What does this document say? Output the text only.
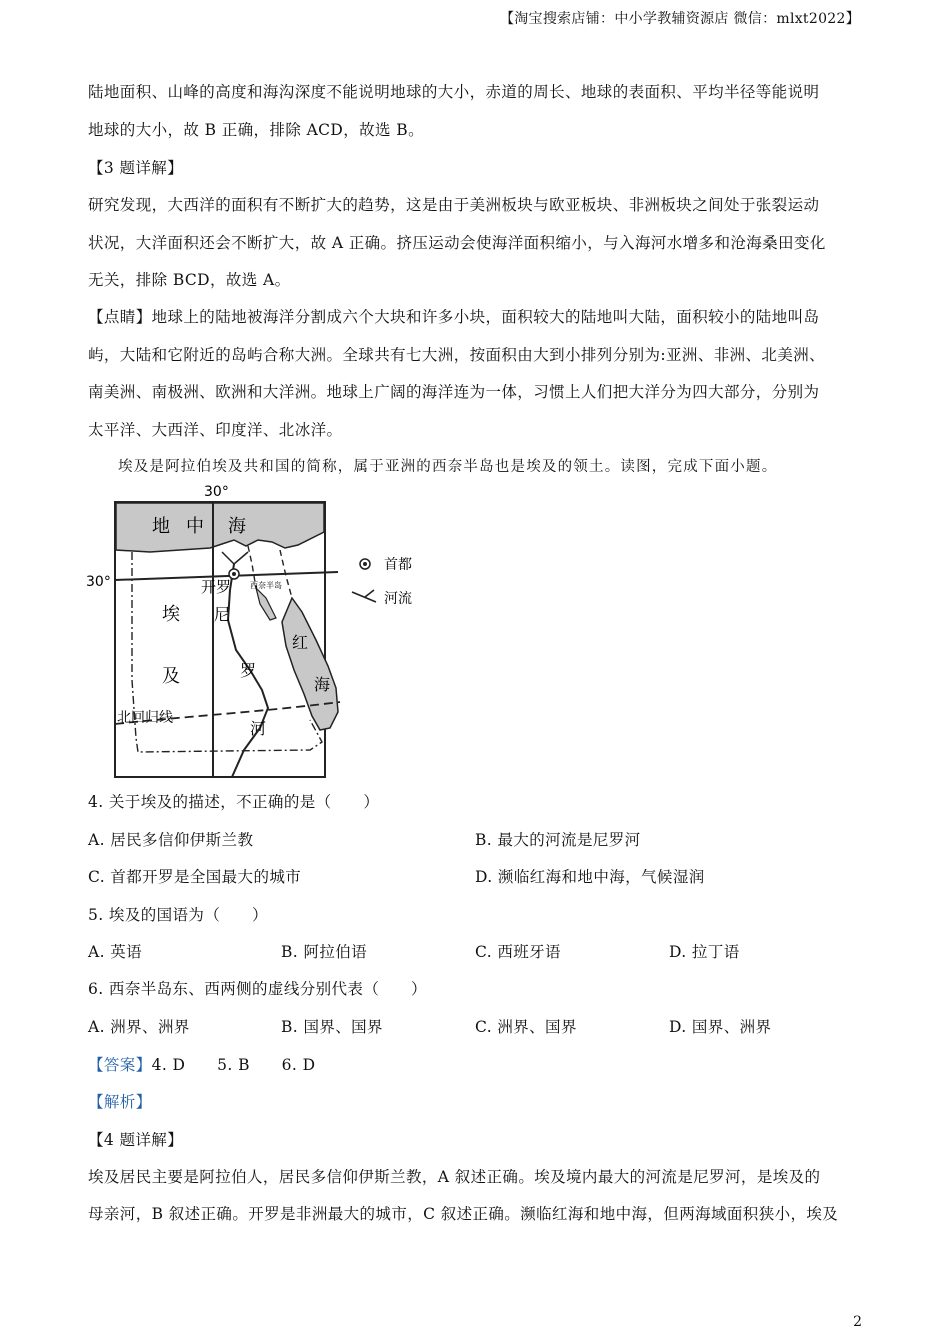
【淘宝搜索店铺：中小学教辅资源店 微信：mlxt2022】
陆地面积、山峰的高度和海沟深度不能说明地球的大小，赤道的周长、地球的表面积、平均半径等能说明
地球的大小，故 B 正确，排除 ACD，故选 B。
【3 题详解】
研究发现，大西洋的面积有不断扩大的趋势，这是由于美洲板块与欧亚板块、非洲板块之间处于张裂运动
状况，大洋面积还会不断扩大，故 A 正确。挤压运动会使海洋面积缩小，与入海河水增多和沧海桑田变化
无关，排除 BCD，故选 A。
【点睛】地球上的陆地被海洋分割成六个大块和许多小块，面积较大的陆地叫大陆，面积较小的陆地叫岛
屿，大陆和它附近的岛屿合称大洲。全球共有七大洲，按面积由大到小排列分别为:亚洲、非洲、北美洲、
南美洲、南极洲、欧洲和大洋洲。地球上广阔的海洋连为一体，习惯上人们把大洋分为四大部分，分别为
太平洋、大西洋、印度洋、北冰洋。
埃及是阿拉伯埃及共和国的简称，属于亚洲的西奈半岛也是埃及的领土。读图，完成下面小题。
30°
30°
地 中 海
开罗 西奈半岛
埃
及
尼
罗
河
红
海
北回归线
首都
河流
4. 关于埃及的描述，不正确的是（　　）
A. 居民多信仰伊斯兰教	B. 最大的河流是尼罗河
C. 首都开罗是全国最大的城市	D. 濒临红海和地中海，气候湿润
5. 埃及的国语为（　　）
A. 英语	B. 阿拉伯语	C. 西班牙语	D. 拉丁语
6. 西奈半岛东、西两侧的虚线分别代表（　　）
A. 洲界、洲界	B. 国界、国界	C. 洲界、国界	D. 国界、洲界
【答案】4. D　　5. B　　6. D
【解析】
【4 题详解】
埃及居民主要是阿拉伯人，居民多信仰伊斯兰教，A 叙述正确。埃及境内最大的河流是尼罗河，是埃及的
母亲河，B 叙述正确。开罗是非洲最大的城市，C 叙述正确。濒临红海和地中海，但两海域面积狭小，埃及
2
